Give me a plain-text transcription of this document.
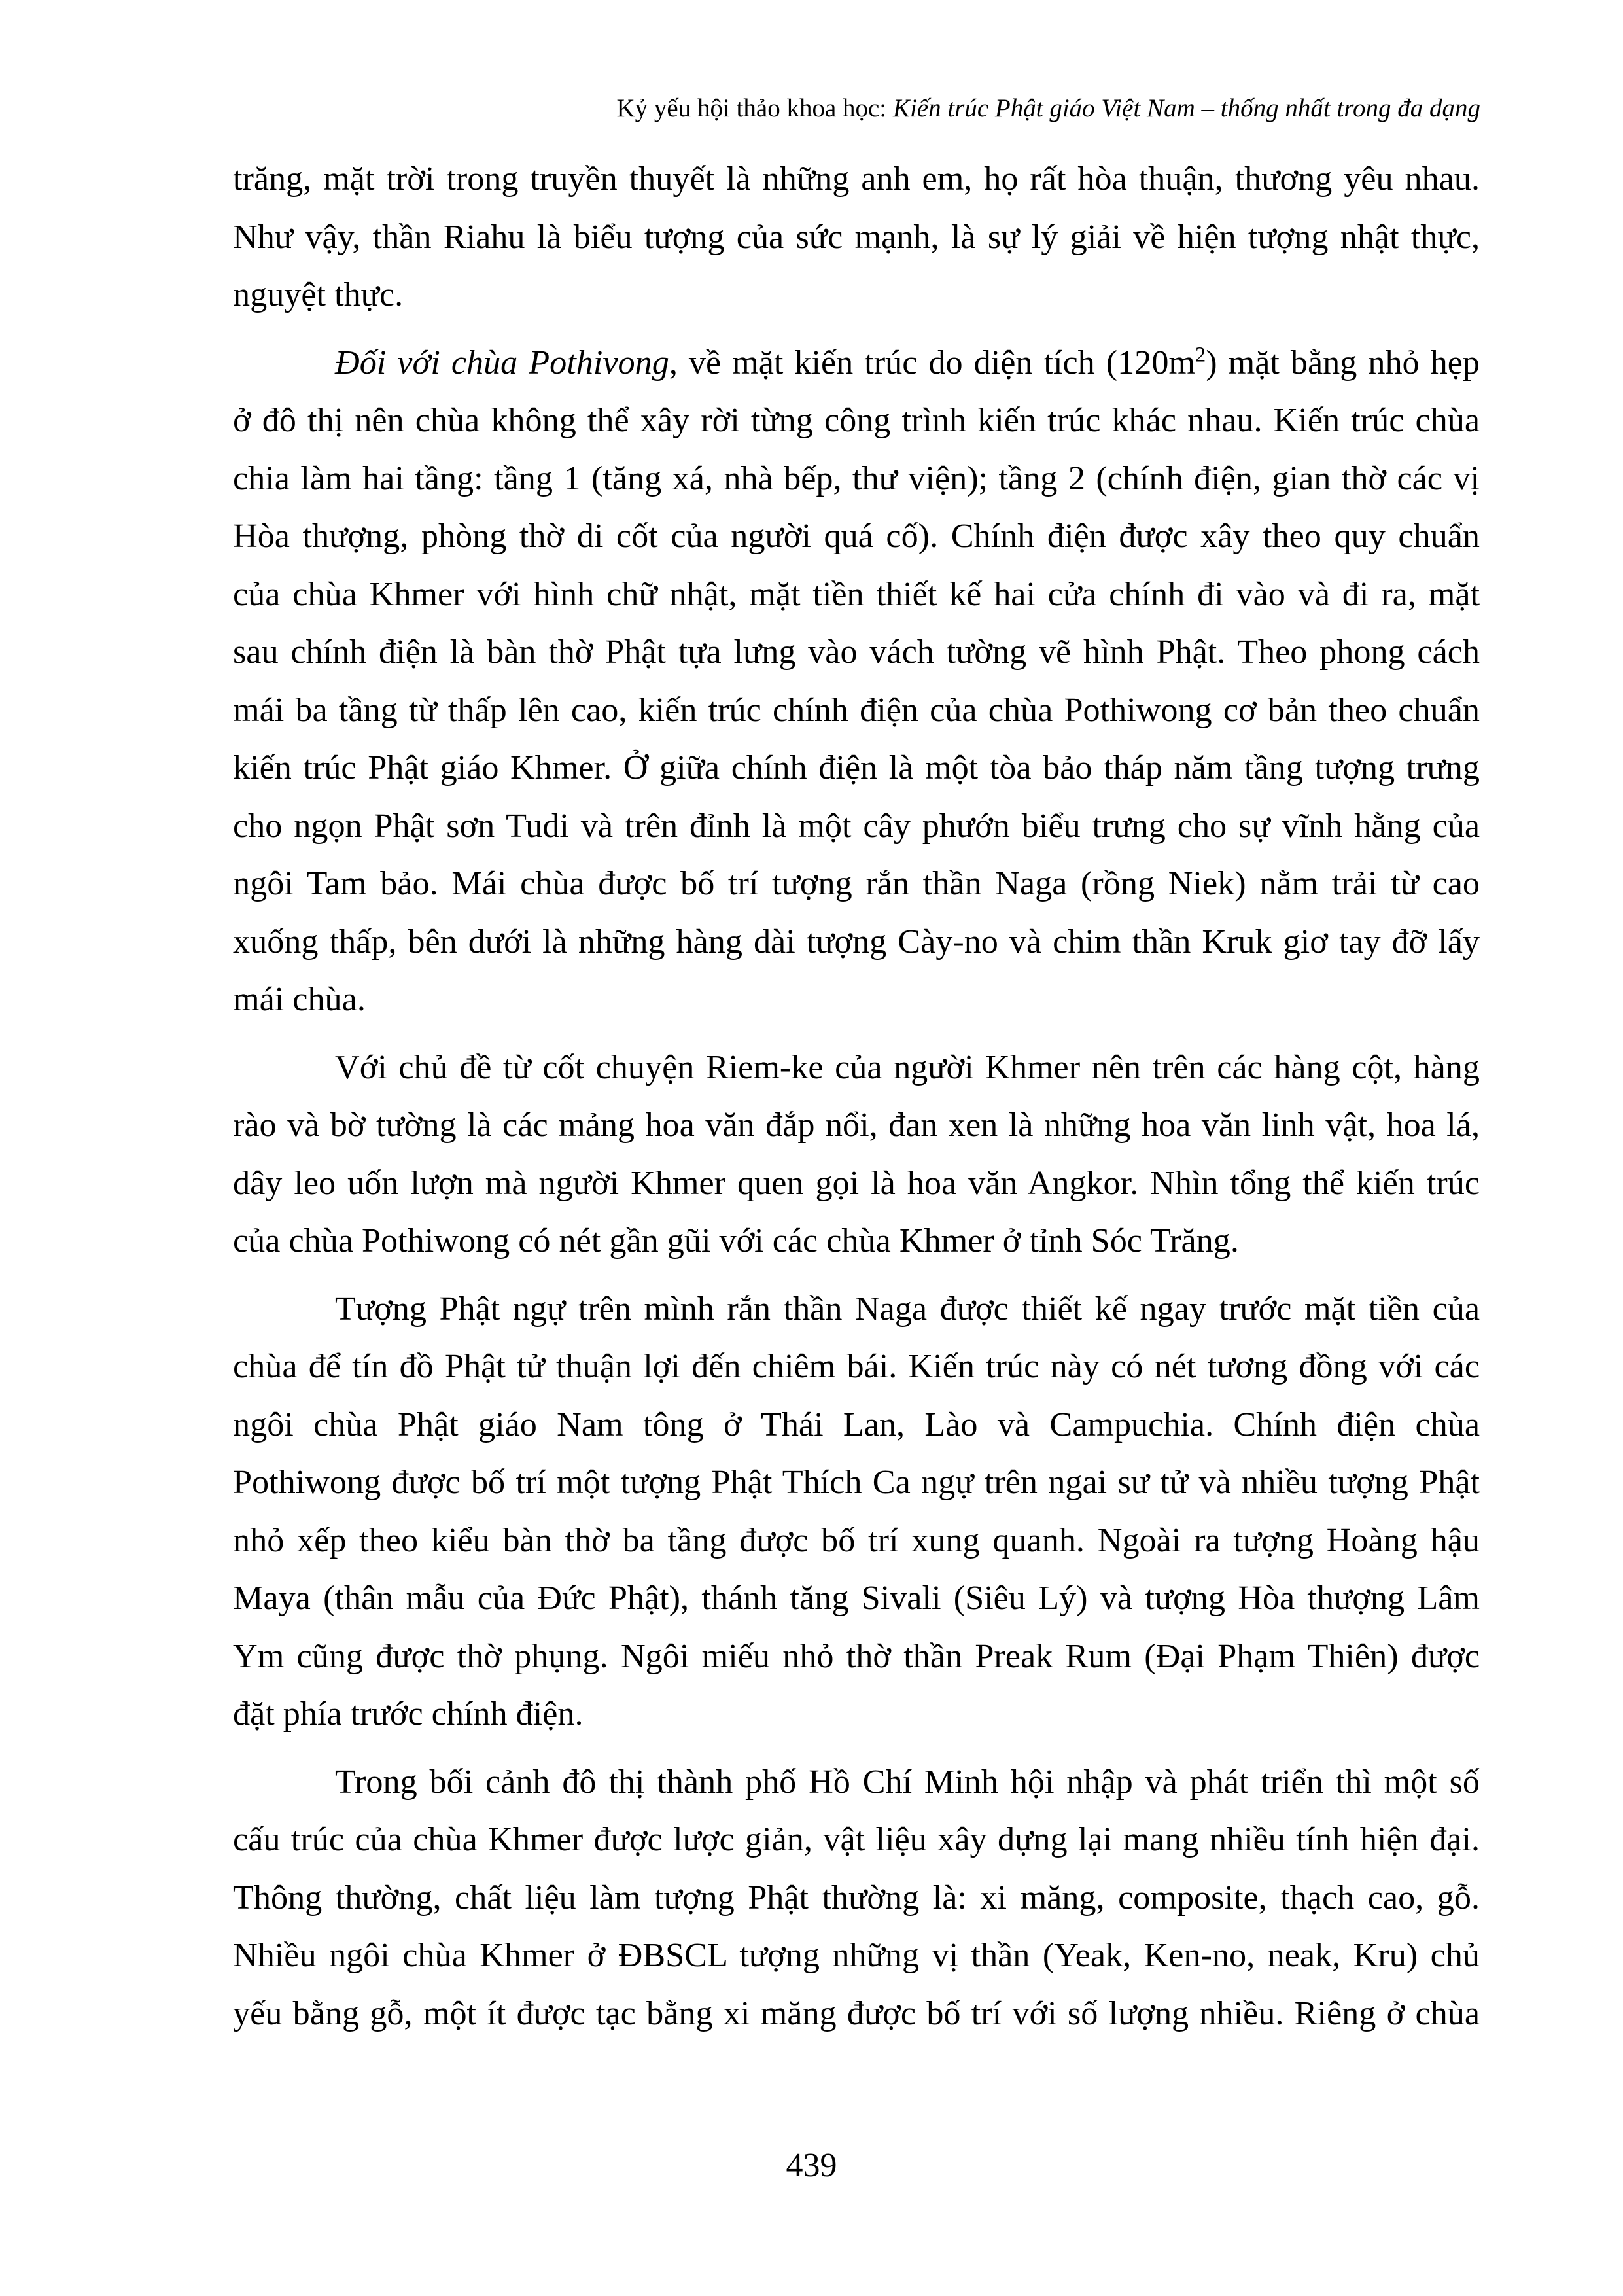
Kỷ yếu hội thảo khoa học: Kiến trúc Phật giáo Việt Nam – thống nhất trong đa dạng
trăng, mặt trời trong truyền thuyết là những anh em, họ rất hòa thuận, thương yêu nhau.
Như vậy, thần Riahu là biểu tượng của sức mạnh, là sự lý giải về hiện tượng nhật thực,
nguyệt thực.
Đối với chùa Pothivong, về mặt kiến trúc do diện tích $(120m^2)$ mặt bằng nhỏ hẹp
ở đô thị nên chùa không thể xây rời từng công trình kiến trúc khác nhau. Kiến trúc chùa
chia làm hai tầng: tầng 1 (tăng xá, nhà bếp, thư viện); tầng 2 (chính điện, gian thờ các vị
Hòa thượng, phòng thờ di cốt của người quá cố). Chính điện được xây theo quy chuẩn
của chùa Khmer với hình chữ nhật, mặt tiền thiết kế hai cửa chính đi vào và đi ra, mặt
sau chính điện là bàn thờ Phật tựa lưng vào vách tường vẽ hình Phật. Theo phong cách
mái ba tầng từ thấp lên cao, kiến trúc chính điện của chùa Pothiwong cơ bản theo chuẩn
kiến trúc Phật giáo Khmer. Ở giữa chính điện là một tòa bảo tháp năm tầng tượng trưng
cho ngọn Phật sơn Tudi và trên đỉnh là một cây phướn biểu trưng cho sự vĩnh hằng của
ngôi Tam bảo. Mái chùa được bố trí tượng rắn thần Naga (rồng Niek) nằm trải từ cao
xuống thấp, bên dưới là những hàng dài tượng Cày-no và chim thần Kruk giơ tay đỡ lấy
mái chùa.
Với chủ đề từ cốt chuyện Riem-ke của người Khmer nên trên các hàng cột, hàng
rào và bờ tường là các mảng hoa văn đắp nổi, đan xen là những hoa văn linh vật, hoa lá,
dây leo uốn lượn mà người Khmer quen gọi là hoa văn Angkor. Nhìn tổng thể kiến trúc
của chùa Pothiwong có nét gần gũi với các chùa Khmer ở tỉnh Sóc Trăng.
Tượng Phật ngự trên mình rắn thần Naga được thiết kế ngay trước mặt tiền của
chùa để tín đồ Phật tử thuận lợi đến chiêm bái. Kiến trúc này có nét tương đồng với các
ngôi chùa Phật giáo Nam tông ở Thái Lan, Lào và Campuchia. Chính điện chùa
Pothiwong được bố trí một tượng Phật Thích Ca ngự trên ngai sư tử và nhiều tượng Phật
nhỏ xếp theo kiểu bàn thờ ba tầng được bố trí xung quanh. Ngoài ra tượng Hoàng hậu
Maya (thân mẫu của Đức Phật), thánh tăng Sivali (Siêu Lý) và tượng Hòa thượng Lâm
Ym cũng được thờ phụng. Ngôi miếu nhỏ thờ thần Preak Rum (Đại Phạm Thiên) được
đặt phía trước chính điện.
Trong bối cảnh đô thị thành phố Hồ Chí Minh hội nhập và phát triển thì một số
cấu trúc của chùa Khmer được lược giản, vật liệu xây dựng lại mang nhiều tính hiện đại.
Thông thường, chất liệu làm tượng Phật thường là: xi măng, composite, thạch cao, gỗ.
Nhiều ngôi chùa Khmer ở ĐBSCL tượng những vị thần (Yeak, Ken-no, neak, Kru) chủ
yếu bằng gỗ, một ít được tạc bằng xi măng được bố trí với số lượng nhiều. Riêng ở chùa
439
